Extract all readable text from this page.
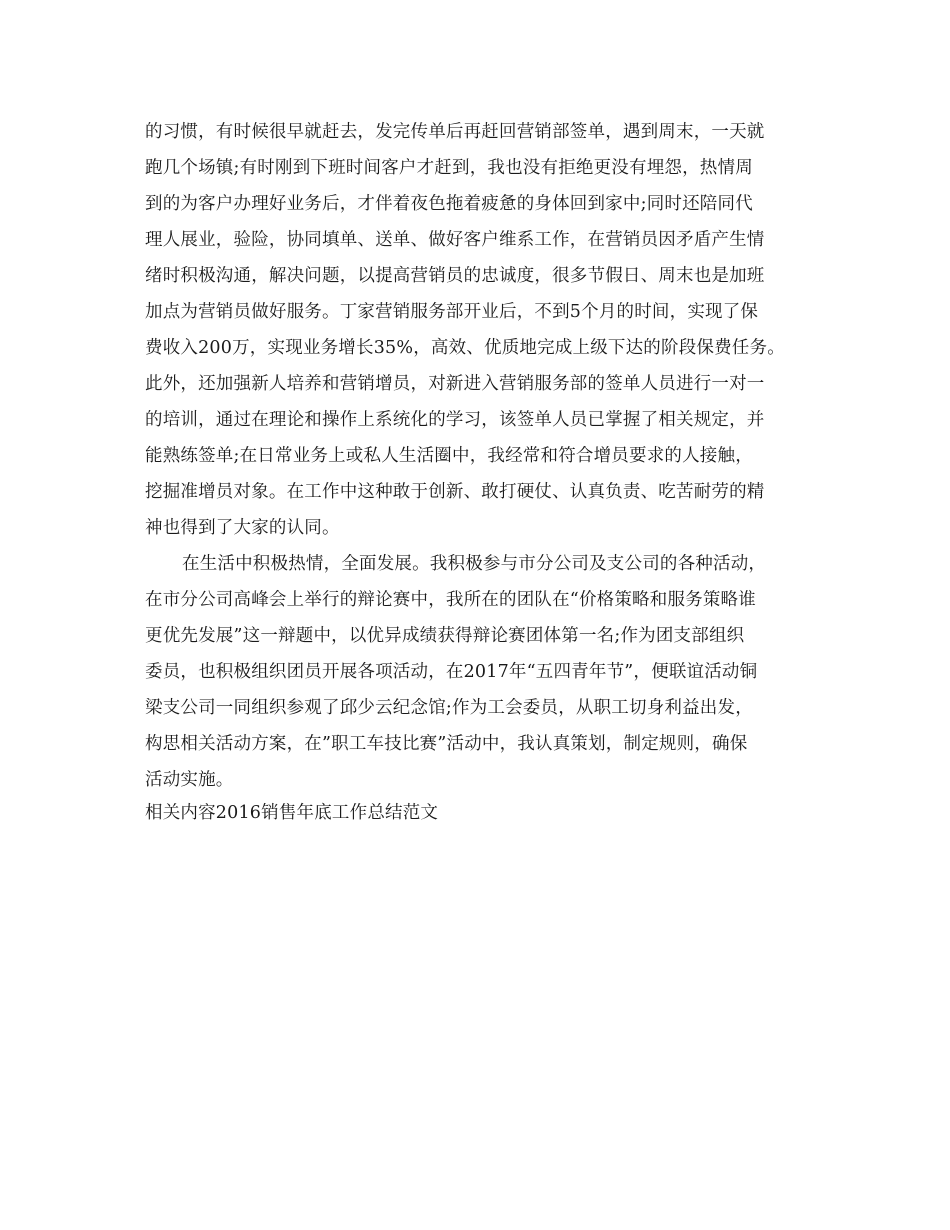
的习惯，有时候很早就赶去，发完传单后再赶回营销部签单，遇到周末，一天就
跑几个场镇;有时刚到下班时间客户才赶到，我也没有拒绝更没有埋怨，热情周
到的为客户办理好业务后，才伴着夜色拖着疲惫的身体回到家中;同时还陪同代
理人展业，验险，协同填单、送单、做好客户维系工作，在营销员因矛盾产生情
绪时积极沟通，解决问题，以提高营销员的忠诚度，很多节假日、周末也是加班
加点为营销员做好服务。丁家营销服务部开业后，不到5个月的时间，实现了保
费收入200万，实现业务增长35%，高效、优质地完成上级下达的阶段保费任务。
此外，还加强新人培养和营销增员，对新进入营销服务部的签单人员进行一对一
的培训，通过在理论和操作上系统化的学习，该签单人员已掌握了相关规定，并
能熟练签单;在日常业务上或私人生活圈中，我经常和符合增员要求的人接触，
挖掘准增员对象。在工作中这种敢于创新、敢打硬仗、认真负责、吃苦耐劳的精
神也得到了大家的认同。
在生活中积极热情，全面发展。我积极参与市分公司及支公司的各种活动，
在市分公司高峰会上举行的辩论赛中，我所在的团队在“价格策略和服务策略谁
更优先发展”这一辩题中，以优异成绩获得辩论赛团体第一名;作为团支部组织
委员，也积极组织团员开展各项活动，在2017年“五四青年节”，便联谊活动铜
梁支公司一同组织参观了邱少云纪念馆;作为工会委员，从职工切身利益出发，
构思相关活动方案，在”职工车技比赛”活动中，我认真策划，制定规则，确保
活动实施。
相关内容2016销售年底工作总结范文
